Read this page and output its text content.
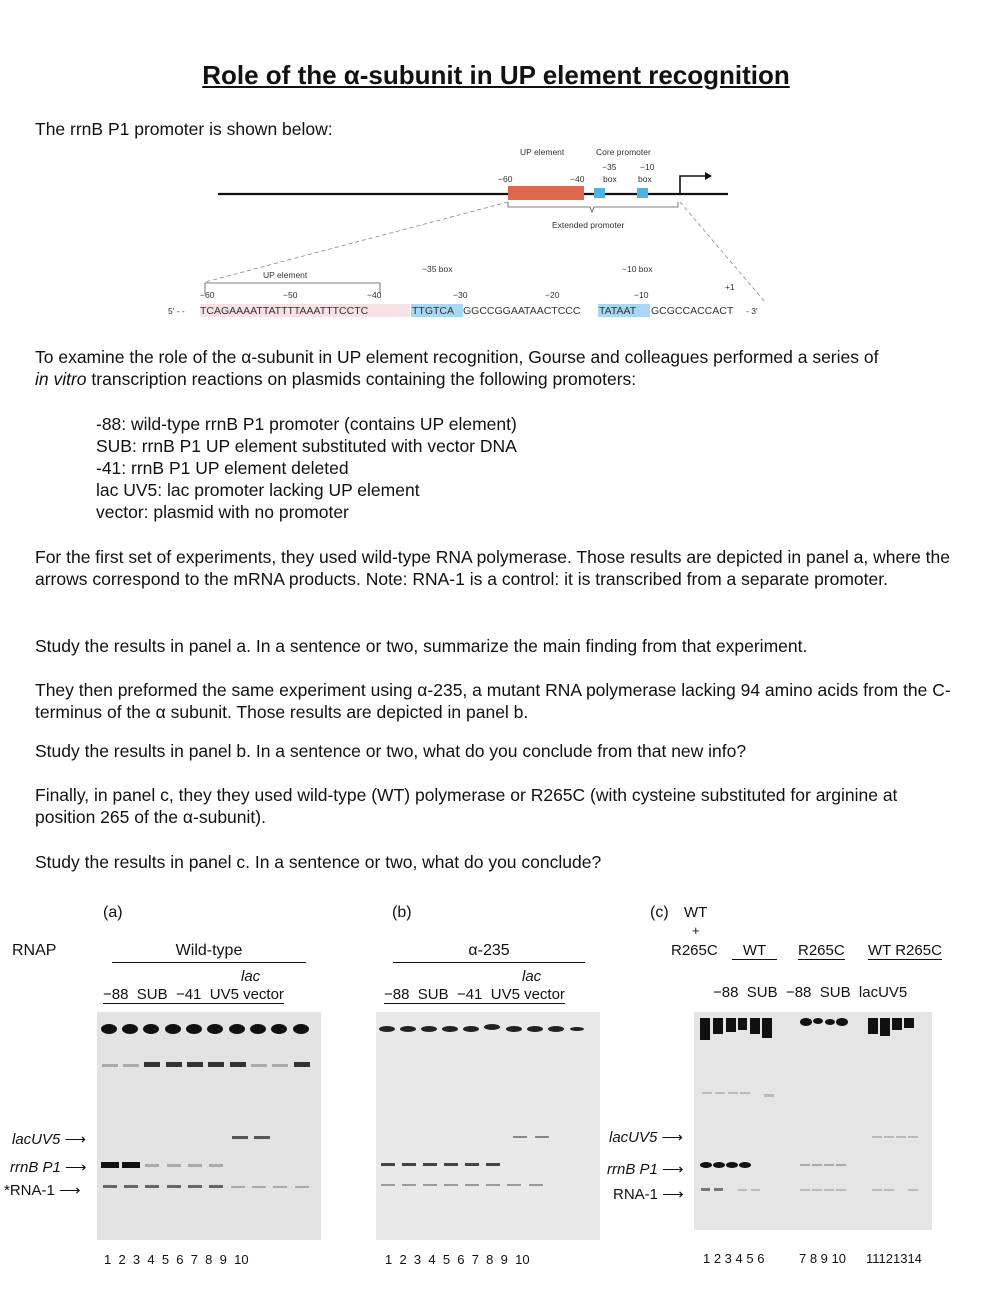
Role of the α-subunit in UP element recognition
The rrnB P1 promoter is shown below:
UP element	Core promoter
−35	−10
box	box
−60	−40
Extended promoter
UP element
−35 box	−10 box
−60	−50	−40	−30	−20	−10
+1
5′ - - TCAGAAAATTATTTTAAATTTCCTC	TTGTCA GGCCGGAATAACTCCC TATAAT GCGCCACCACT - 3′
To examine the role of the α-subunit in UP element recognition, Gourse and colleagues performed a series of
in vitro transcription reactions on plasmids containing the following promoters:
-88: wild-type rrnB P1 promoter (contains UP element)
SUB: rrnB P1 UP element substituted with vector DNA
-41: rrnB P1 UP element deleted
lac UV5: lac promoter lacking UP element
vector: plasmid with no promoter
For the first set of experiments, they used wild-type RNA polymerase. Those results are depicted in panel a, where the arrows correspond to the mRNA products. Note: RNA-1 is a control: it is transcribed from a separate promoter.
Study the results in panel a. In a sentence or two, summarize the main finding from that experiment.
They then preformed the same experiment using α-235, a mutant RNA polymerase lacking 94 amino acids from the C-terminus of the α subunit. Those results are depicted in panel b.
Study the results in panel b. In a sentence or two, what do you conclude from that new info?
Finally, in panel c, they they used wild-type (WT) polymerase or R265C (with cysteine substituted for arginine at position 265 of the α-subunit).
Study the results in panel c. In a sentence or two, what do you conclude?
RNAP
(a)
Wild-type
lac
−88  SUB  −41  UV5 vector
lacUV5 ⟶
rrnB P1 ⟶
*RNA-1 ⟶
1  2  3  4  5  6  7  8  9  10
(b)
α-235
lac
−88  SUB  −41  UV5 vector
lacUV5 ⟶
rrnB P1 ⟶
RNA-1 ⟶
1  2  3  4  5  6  7  8  9  10
(c) WT
+
R265C	WT	R265C WT R265C
−88  SUB  −88  SUB  lacUV5
1 2 3 4 5 6	7 8 9 10 11121314
